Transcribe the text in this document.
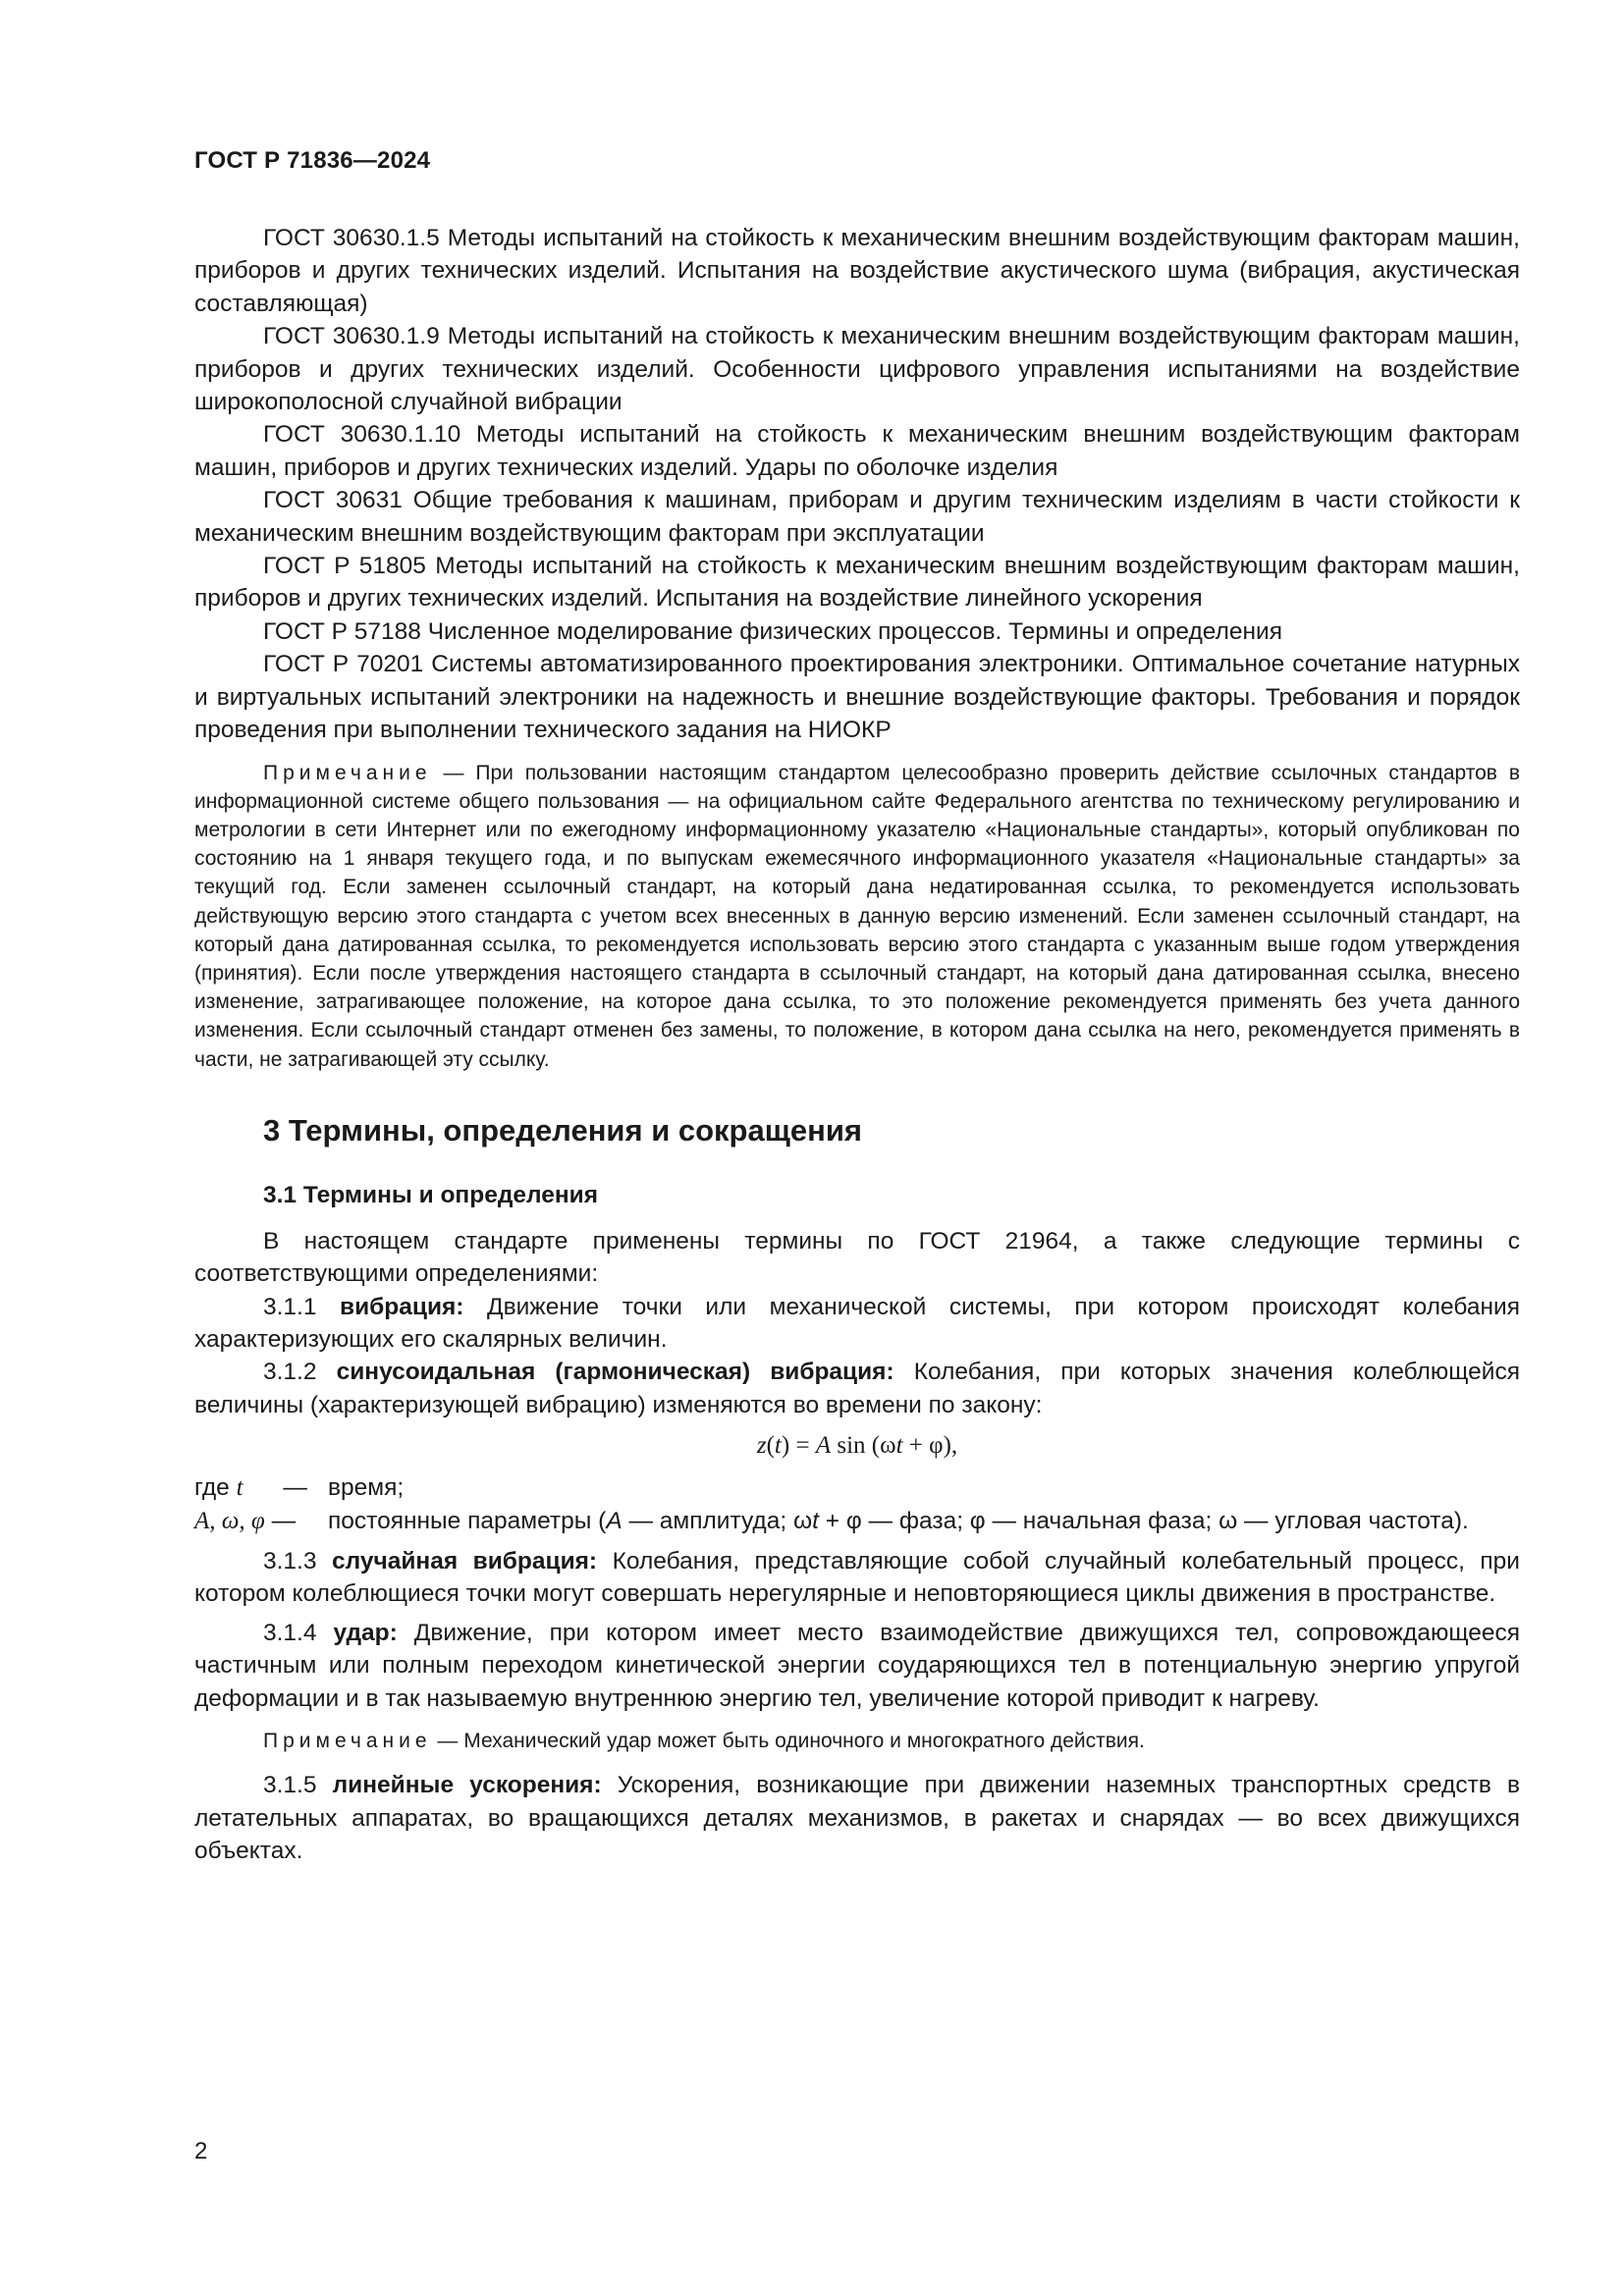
ГОСТ Р 71836—2024

ГОСТ 30630.1.5 Методы испытаний на стойкость к механическим внешним воздействующим факторам машин, приборов и других технических изделий. Испытания на воздействие акустического шума (вибрация, акустическая составляющая)

ГОСТ 30630.1.9 Методы испытаний на стойкость к механическим внешним воздействующим факторам машин, приборов и других технических изделий. Особенности цифрового управления испытаниями на воздействие широкополосной случайной вибрации

ГОСТ 30630.1.10 Методы испытаний на стойкость к механическим внешним воздействующим факторам машин, приборов и других технических изделий. Удары по оболочке изделия

ГОСТ 30631 Общие требования к машинам, приборам и другим техническим изделиям в части стойкости к механическим внешним воздействующим факторам при эксплуатации

ГОСТ Р 51805 Методы испытаний на стойкость к механическим внешним воздействующим факторам машин, приборов и других технических изделий. Испытания на воздействие линейного ускорения

ГОСТ Р 57188 Численное моделирование физических процессов. Термины и определения

ГОСТ Р 70201 Системы автоматизированного проектирования электроники. Оптимальное сочетание натурных и виртуальных испытаний электроники на надежность и внешние воздействующие факторы. Требования и порядок проведения при выполнении технического задания на НИОКР

Примечание — При пользовании настоящим стандартом целесообразно проверить действие ссылочных стандартов в информационной системе общего пользования — на официальном сайте Федерального агентства по техническому регулированию и метрологии в сети Интернет или по ежегодному информационному указателю «Национальные стандарты», который опубликован по состоянию на 1 января текущего года, и по выпускам ежемесячного информационного указателя «Национальные стандарты» за текущий год. Если заменен ссылочный стандарт, на который дана недатированная ссылка, то рекомендуется использовать действующую версию этого стандарта с учетом всех внесенных в данную версию изменений. Если заменен ссылочный стандарт, на который дана датированная ссылка, то рекомендуется использовать версию этого стандарта с указанным выше годом утверждения (принятия). Если после утверждения настоящего стандарта в ссылочный стандарт, на который дана датированная ссылка, внесено изменение, затрагивающее положение, на которое дана ссылка, то это положение рекомендуется применять без учета данного изменения. Если ссылочный стандарт отменен без замены, то положение, в котором дана ссылка на него, рекомендуется применять в части, не затрагивающей эту ссылку.

3 Термины, определения и сокращения
3.1 Термины и определения

В настоящем стандарте применены термины по ГОСТ 21964, а также следующие термины с соответствующими определениями:

3.1.1 вибрация: Движение точки или механической системы, при котором происходят колебания характеризующих его скалярных величин.

3.1.2 синусоидальная (гармоническая) вибрация: Колебания, при которых значения колеблющейся величины (характеризующей вибрацию) изменяются во времени по закону:

z(t) = A sin (ωt + φ),

где t —	время;
A, ω, φ —	постоянные параметры (A — амплитуда; ωt + φ — фаза; φ — начальная фаза; ω — угловая частота).

3.1.3 случайная вибрация: Колебания, представляющие собой случайный колебательный процесс, при котором колеблющиеся точки могут совершать нерегулярные и неповторяющиеся циклы движения в пространстве.

3.1.4 удар: Движение, при котором имеет место взаимодействие движущихся тел, сопровождающееся частичным или полным переходом кинетической энергии соударяющихся тел в потенциальную энергию упругой деформации и в так называемую внутреннюю энергию тел, увеличение которой приводит к нагреву.

Примечание — Механический удар может быть одиночного и многократного действия.

3.1.5 линейные ускорения: Ускорения, возникающие при движении наземных транспортных средств в летательных аппаратах, во вращающихся деталях механизмов, в ракетах и снарядах — во всех движущихся объектах.

2
